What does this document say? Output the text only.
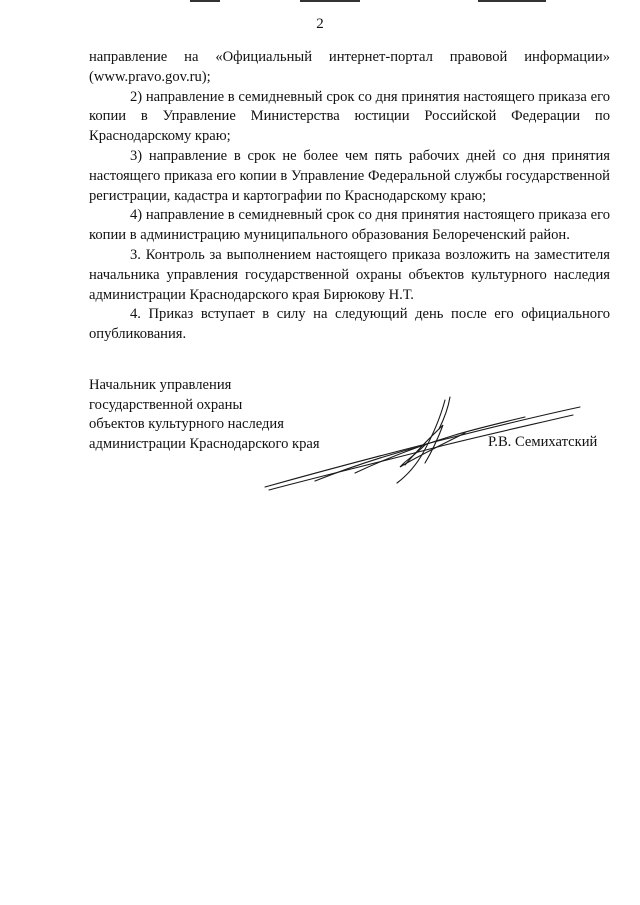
2

направление на «Официальный интернет-портал правовой информации» (www.pravo.gov.ru);

2) направление в семидневный срок со дня принятия настоящего приказа его копии в Управление Министерства юстиции Российской Федерации по Краснодарскому краю;

3) направление в срок не более чем пять рабочих дней со дня принятия настоящего приказа его копии в Управление Федеральной службы государственной регистрации, кадастра и картографии по Краснодарскому краю;

4) направление в семидневный срок со дня принятия настоящего приказа его копии в администрацию муниципального образования Белореченский район.

3. Контроль за выполнением настоящего приказа возложить на заместителя начальника управления государственной охраны объектов культурного наследия администрации Краснодарского края Бирюкову Н.Т.

4. Приказ вступает в силу на следующий день после его официального опубликования.

Начальник управления
государственной охраны
объектов культурного наследия
администрации Краснодарского края	Р.В. Семихатский
